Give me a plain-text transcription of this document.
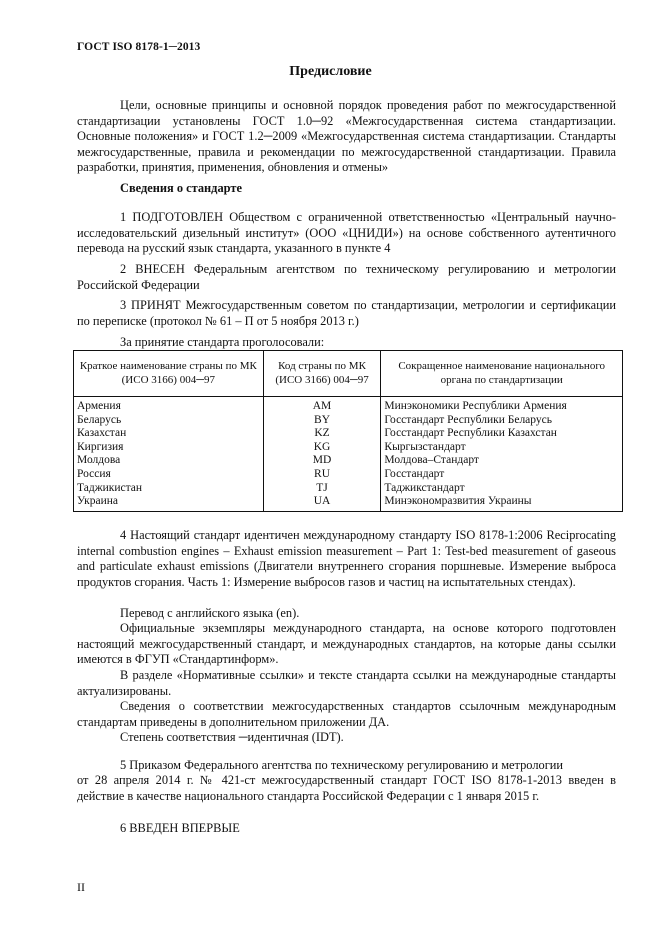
ГОСТ ISO 8178-1─2013
Предисловие
Цели, основные принципы и основной порядок проведения работ по межгосударственной стандартизации установлены ГОСТ 1.0─92 «Межгосударственная система стандартизации. Основные положения» и ГОСТ 1.2─2009 «Межгосударственная система стандартизации. Стандарты межгосударственные, правила и рекомендации по межгосударственной стандартизации. Правила разработки, принятия, применения, обновления и отмены»
Сведения о стандарте
1 ПОДГОТОВЛЕН Обществом с ограниченной ответственностью «Центральный научно-исследовательский дизельный институт» (ООО «ЦНИДИ») на основе собственного аутентичного перевода на русский язык стандарта, указанного в пункте 4
2 ВНЕСЕН Федеральным агентством по техническому регулированию и метрологии Российской Федерации
3 ПРИНЯТ Межгосударственным советом по стандартизации, метрологии и сертификации по переписке (протокол № 61 – П от 5 ноября 2013 г.)
За принятие стандарта проголосовали:
Краткое наименование страны по МК (ИСО 3166) 004─97	Код страны по МК (ИСО 3166) 004─97	Сокращенное наименование национального органа по стандартизации
Армения	AM	Минэкономики Республики Армения
Беларусь	BY	Госстандарт Республики Беларусь
Казахстан	KZ	Госстандарт Республики Казахстан
Киргизия	KG	Кыргызстандарт
Молдова	MD	Молдова–Стандарт
Россия	RU	Госстандарт
Таджикистан	TJ	Таджикстандарт
Украина	UA	Минэкономразвития Украины
4 Настоящий стандарт идентичен международному стандарту ISO 8178-1:2006 Reciprocating internal combustion engines – Exhaust emission measurement – Part 1: Test-bed measurement of gaseous and particulate exhaust emissions (Двигатели внутреннего сгорания поршневые. Измерение выброса продуктов сгорания. Часть 1: Измерение выбросов газов и частиц на испытательных стендах).
Перевод с английского языка (en).
Официальные экземпляры международного стандарта, на основе которого подготовлен настоящий межгосударственный стандарт, и международных стандартов, на которые даны ссылки имеются в ФГУП «Стандартинформ».
В разделе «Нормативные ссылки» и тексте стандарта ссылки на международные стандарты актуализированы.
Сведения о соответствии межгосударственных стандартов ссылочным международным стандартам приведены в дополнительном приложении ДА.
Степень соответствия ─идентичная (IDT).
5 Приказом Федерального агентства по техническому регулированию и метрологии
от 28 апреля 2014 г. № 421-ст межгосударственный стандарт ГОСТ ISO 8178-1-2013 введен в действие в качестве национального стандарта Российской Федерации с 1 января 2015 г.
6 ВВЕДЕН ВПЕРВЫЕ
II
